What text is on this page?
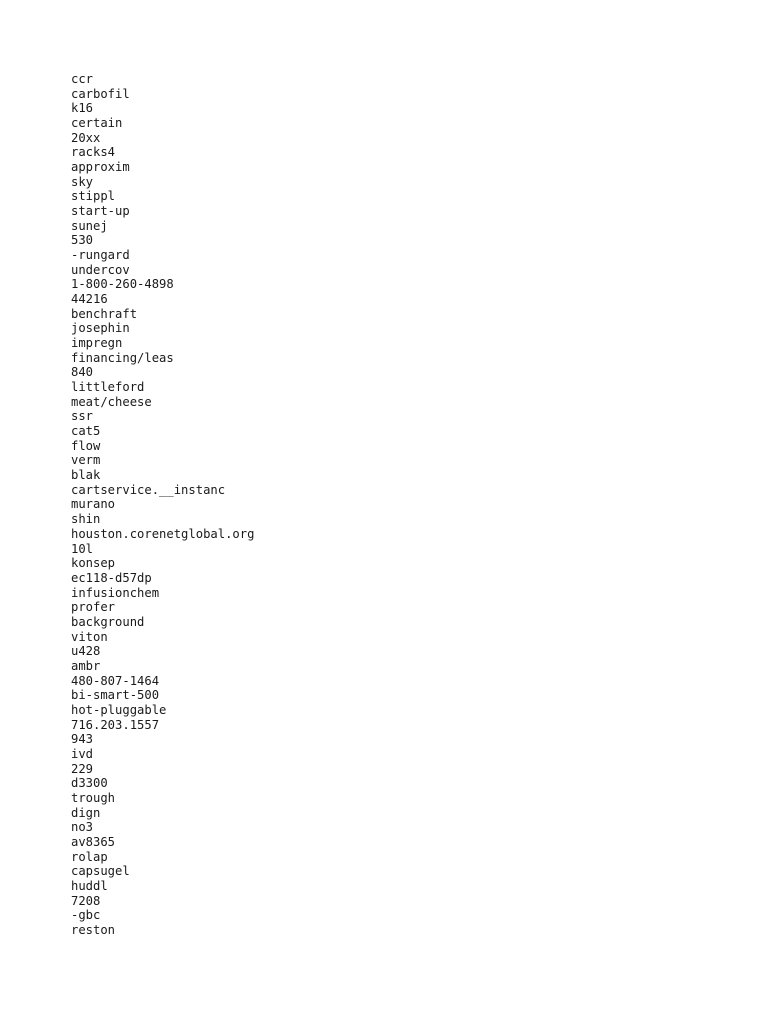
ccr
carbofil
k16
certain
20xx
racks4
approxim
sky
stippl
start-up
sunej
530
-rungard
undercov
1-800-260-4898
44216
benchraft
josephin
impregn
financing/leas
840
littleford
meat/cheese
ssr
cat5
flow
verm
blak
cartservice.__instanc
murano
shin
houston.corenetglobal.org
10l
konsep
ec118-d57dp
infusionchem
profer
background
viton
u428
ambr
480-807-1464
bi-smart-500
hot-pluggable
716.203.1557
943
ivd
229
d3300
trough
dign
no3
av8365
rolap
capsugel
huddl
7208
-gbc
reston
